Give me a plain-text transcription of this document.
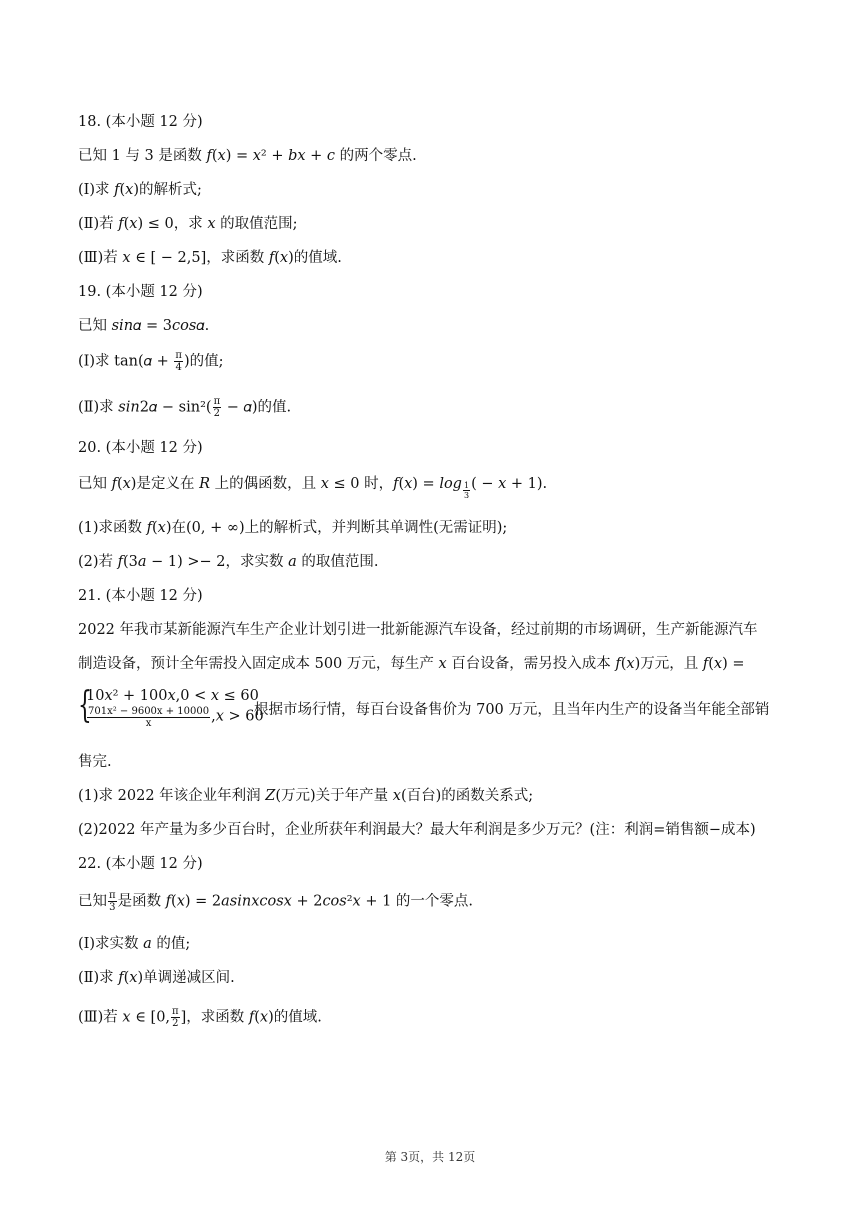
18. (本小题 12 分)
已知 1 与 3 是函数 𝑓(𝑥) = 𝑥² + 𝑏𝑥 + 𝑐 的两个零点.
(Ⅰ)求 𝑓(𝑥)的解析式;
(Ⅱ)若 𝑓(𝑥) ≤ 0，求 𝑥 的取值范围;
(Ⅲ)若 𝑥 ∈ [ − 2,5]，求函数 𝑓(𝑥)的值域.
19. (本小题 12 分)
已知 𝑠𝑖𝑛𝛼 = 3𝑐𝑜𝑠𝛼.
20. (本小题 12 分)
(1)求函数 𝑓(𝑥)在(0, + ∞)上的解析式，并判断其单调性(无需证明);
(2)若 𝑓(3𝑎 − 1) >− 2，求实数 𝑎 的取值范围.
21. (本小题 12 分)
2022 年我市某新能源汽车生产企业计划引进一批新能源汽车设备，经过前期的市场调研，生产新能源汽车
制造设备，预计全年需投入固定成本 500 万元，每生产 𝑥 百台设备，需另投入成本 𝑓(𝑥)万元，且 𝑓(𝑥) =
售完.
(1)求 2022 年该企业年利润 𝑍(万元)关于年产量 𝑥(百台)的函数关系式;
(2)2022 年产量为多少百台时，企业所获年利润最大？最大年利润是多少万元？(注：利润=销售额−成本)
22. (本小题 12 分)
(Ⅰ)求实数 𝑎 的值;
(Ⅱ)求 𝑓(𝑥)单调递减区间.
(Ⅰ)求 tan(𝛼 + $\frac{\pi}{4}$ )的值;
(Ⅱ)求 𝑠𝑖𝑛2𝛼 − $\sin^2( \frac{\pi}{2}$ − 𝛼)的值.
已知 𝑓(𝑥)是定义在 𝑅 上的偶函数，且 𝑥 ≤ 0 时，𝑓(𝑥) = 𝑙𝑜𝑔 $\frac{1}{3}$ ( − 𝑥 + 1).
{
10𝑥² + 100𝑥,0 < 𝑥 ≤ 60
$\frac{\text{701x² − 9600x + 10000}}{x}$ ,𝑥 > 60
根据市场行情，每百台设备售价为 700 万元，且当年内生产的设备当年能全部销
已知 $\frac{\pi}{3}$ 是函数 𝑓(𝑥) = 2𝑎𝑠𝑖𝑛𝑥𝑐𝑜𝑠𝑥 + 2𝑐𝑜𝑠²𝑥 + 1 的一个零点.
(Ⅲ)若 𝑥 ∈ [0, $\frac{\pi}{2}$ ]，求函数 𝑓(𝑥)的值域.
第 3页，共 12页
